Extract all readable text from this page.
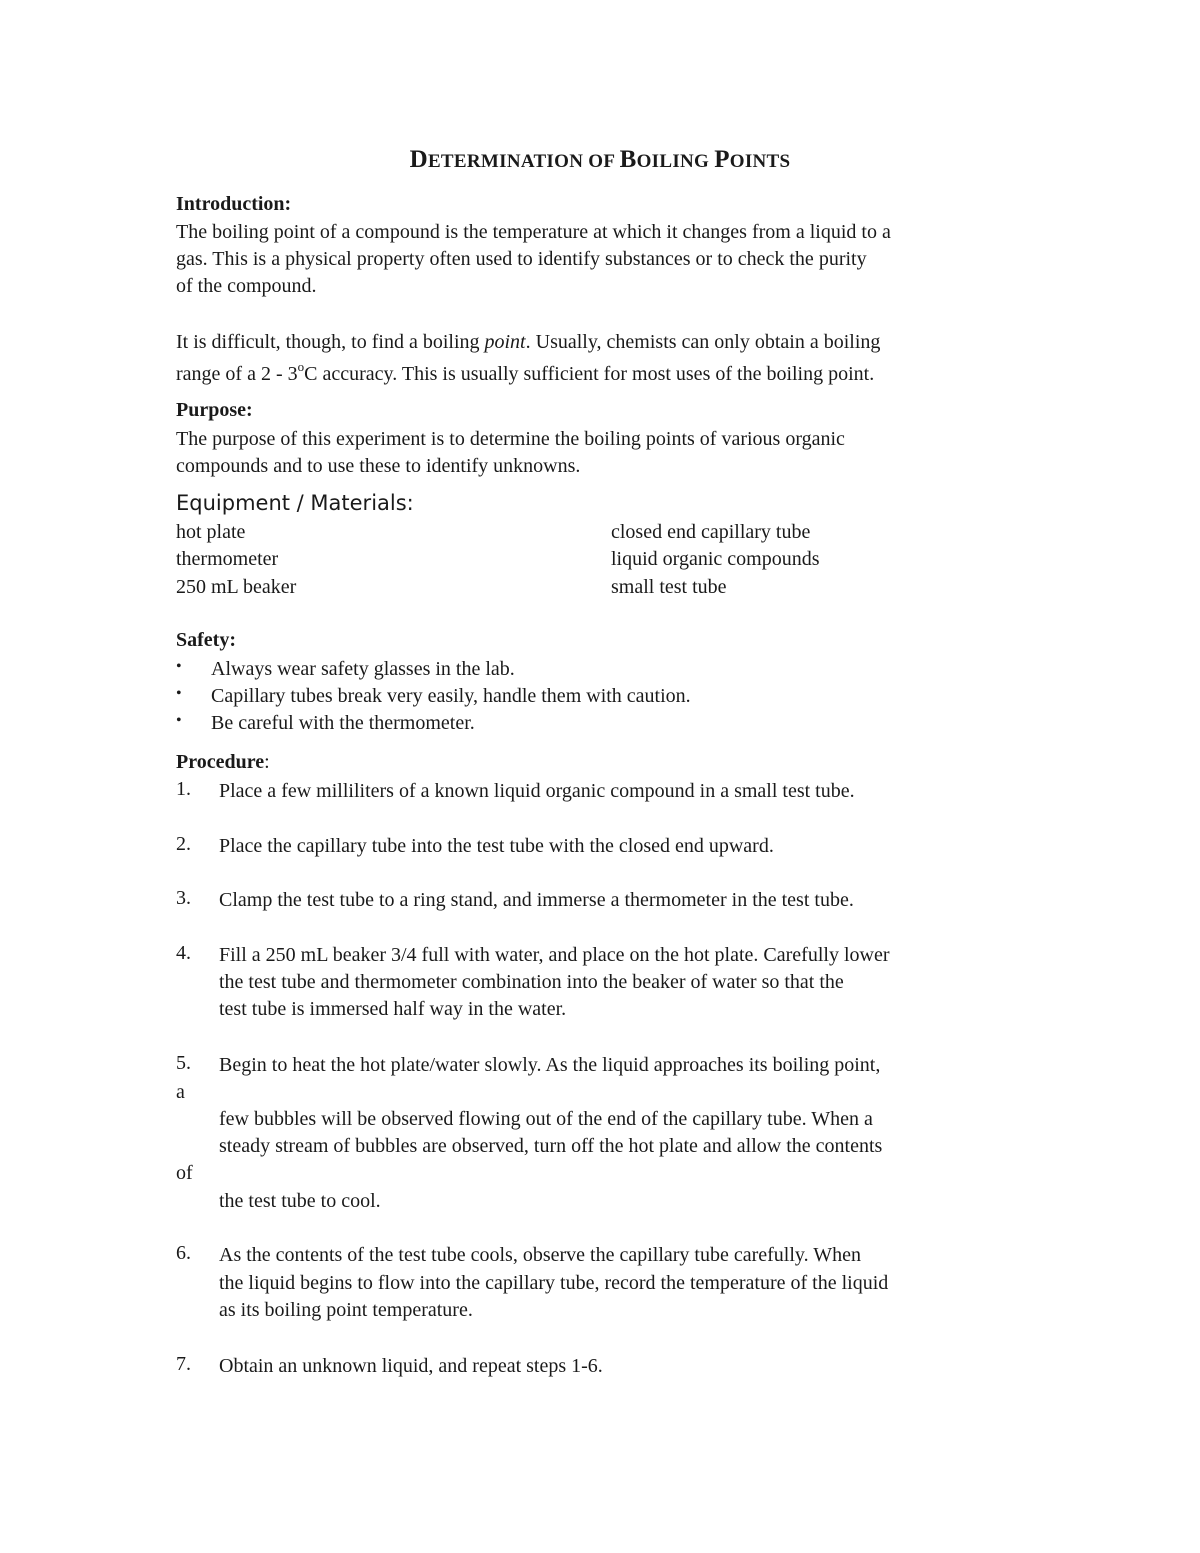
DETERMINATION OF BOILING POINTS
Introduction:
The boiling point of a compound is the temperature at which it changes from a liquid to a
gas. This is a physical property often used to identify substances or to check the purity
of the compound.
It is difficult, though, to find a boiling point. Usually, chemists can only obtain a boiling
range of a 2 - 3$^o$C accuracy. This is usually sufficient for most uses of the boiling point.
Purpose:
The purpose of this experiment is to determine the boiling points of various organic
compounds and to use these to identify unknowns.
Equipment / Materials:
hot plate
thermometer
250 mL beaker
closed end capillary tube
liquid organic compounds
small test tube
Safety:
• Always wear safety glasses in the lab.
• Capillary tubes break very easily, handle them with caution.
• Be careful with the thermometer.
Procedure:
1. Place a few milliliters of a known liquid organic compound in a small test tube.
2. Place the capillary tube into the test tube with the closed end upward.
3. Clamp the test tube to a ring stand, and immerse a thermometer in the test tube.
4. Fill a 250 mL beaker 3/4 full with water, and place on the hot plate. Carefully lower
the test tube and thermometer combination into the beaker of water so that the
test tube is immersed half way in the water.
5. Begin to heat the hot plate/water slowly. As the liquid approaches its boiling point,
a
few bubbles will be observed flowing out of the end of the capillary tube. When a
steady stream of bubbles are observed, turn off the hot plate and allow the contents
of
the test tube to cool.
6. As the contents of the test tube cools, observe the capillary tube carefully. When
the liquid begins to flow into the capillary tube, record the temperature of the liquid
as its boiling point temperature.
7. Obtain an unknown liquid, and repeat steps 1-6.
